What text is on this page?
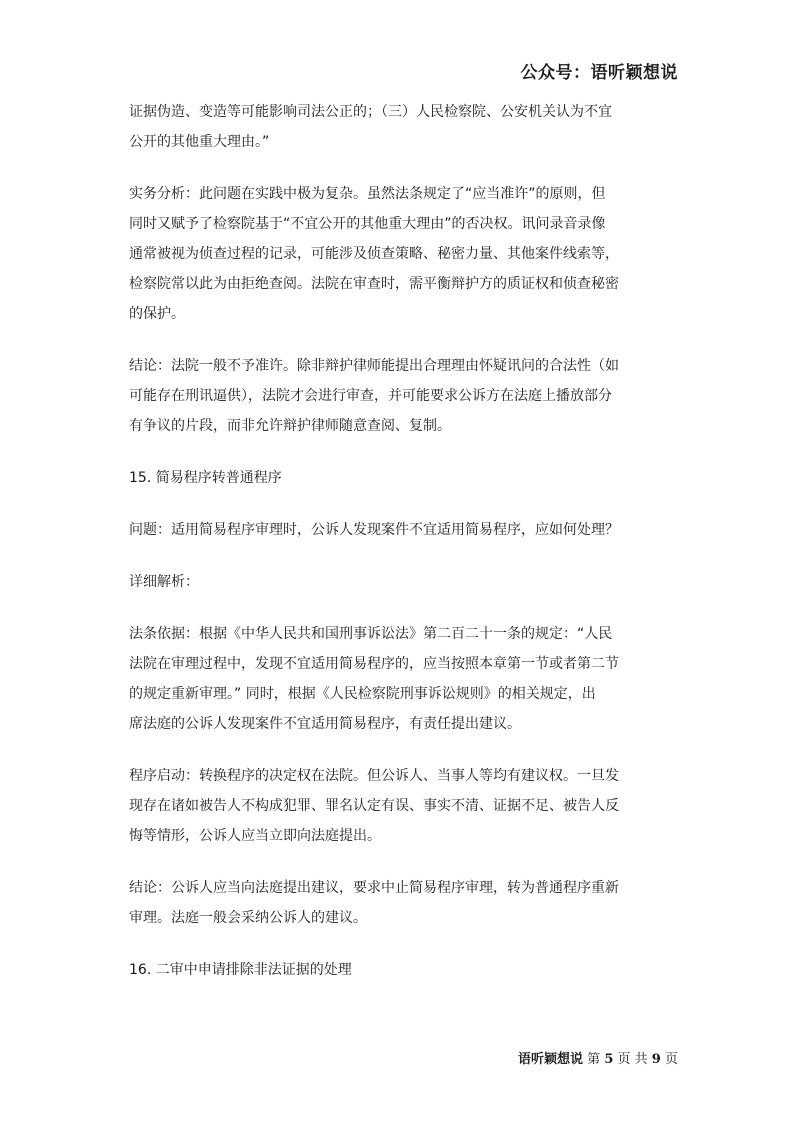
公众号：语听颖想说

证据伪造、变造等可能影响司法公正的；（三）人民检察院、公安机关认为不宜
公开的其他重大理由。”

实务分析：此问题在实践中极为复杂。虽然法条规定了“应当准许”的原则，但
同时又赋予了检察院基于“不宜公开的其他重大理由”的否决权。讯问录音录像
通常被视为侦查过程的记录，可能涉及侦查策略、秘密力量、其他案件线索等，
检察院常以此为由拒绝查阅。法院在审查时，需平衡辩护方的质证权和侦查秘密
的保护。

结论：法院一般不予准许。除非辩护律师能提出合理理由怀疑讯问的合法性（如
可能存在刑讯逼供），法院才会进行审查，并可能要求公诉方在法庭上播放部分
有争议的片段，而非允许辩护律师随意查阅、复制。

15. 简易程序转普通程序

问题：适用简易程序审理时，公诉人发现案件不宜适用简易程序，应如何处理？

详细解析：

法条依据：根据《中华人民共和国刑事诉讼法》第二百二十一条的规定：“人民
法院在审理过程中，发现不宜适用简易程序的，应当按照本章第一节或者第二节
的规定重新审理。” 同时，根据《人民检察院刑事诉讼规则》的相关规定，出
席法庭的公诉人发现案件不宜适用简易程序，有责任提出建议。

程序启动：转换程序的决定权在法院。但公诉人、当事人等均有建议权。一旦发
现存在诸如被告人不构成犯罪、罪名认定有误、事实不清、证据不足、被告人反
悔等情形，公诉人应当立即向法庭提出。

结论：公诉人应当向法庭提出建议，要求中止简易程序审理，转为普通程序重新
审理。法庭一般会采纳公诉人的建议。

16. 二审中申请排除非法证据的处理

语听颖想说 第 5 页 共 9 页
